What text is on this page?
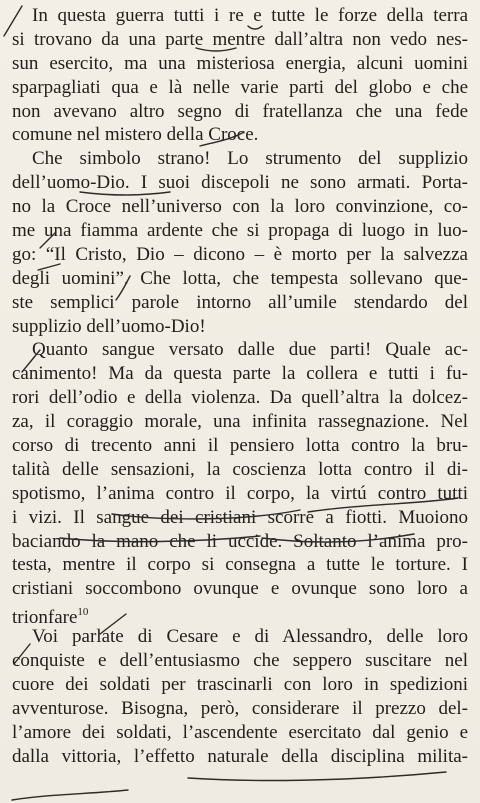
In questa guerra tutti i re e tutte le forze della terra
si trovano da una parte mentre dall’altra non vedo nes-
sun esercito, ma una misteriosa energia, alcuni uomini
sparpagliati qua e là nelle varie parti del globo e che
non avevano altro segno di fratellanza che una fede
comune nel mistero della Croce.
Che simbolo strano! Lo strumento del supplizio
dell’uomo-Dio. I suoi discepoli ne sono armati. Porta-
no la Croce nell’universo con la loro convinzione, co-
me una fiamma ardente che si propaga di luogo in luo-
go: “Il Cristo, Dio – dicono – è morto per la salvezza
degli uomini”. Che lotta, che tempesta sollevano que-
ste semplici parole intorno all’umile stendardo del
supplizio dell’uomo-Dio!
Quanto sangue versato dalle due parti! Quale ac-
canimento! Ma da questa parte la collera e tutti i fu-
rori dell’odio e della violenza. Da quell’altra la dolcez-
za, il coraggio morale, una infinita rassegnazione. Nel
corso di trecento anni il pensiero lotta contro la bru-
talità delle sensazioni, la coscienza lotta contro il di-
spotismo, l’anima contro il corpo, la virtú contro tutti
i vizi. Il sangue dei cristiani scorre a fiotti. Muoiono
baciando la mano che li uccide. Soltanto l’anima pro-
testa, mentre il corpo si consegna a tutte le torture. I
cristiani soccombono ovunque e ovunque sono loro a
trionfare$^{10}$
Voi parlate di Cesare e di Alessandro, delle loro
conquiste e dell’entusiasmo che seppero suscitare nel
cuore dei soldati per trascinarli con loro in spedizioni
avventurose. Bisogna, però, considerare il prezzo del-
l’amore dei soldati, l’ascendente esercitato dal genio e
dalla vittoria, l’effetto naturale della disciplina milita-
